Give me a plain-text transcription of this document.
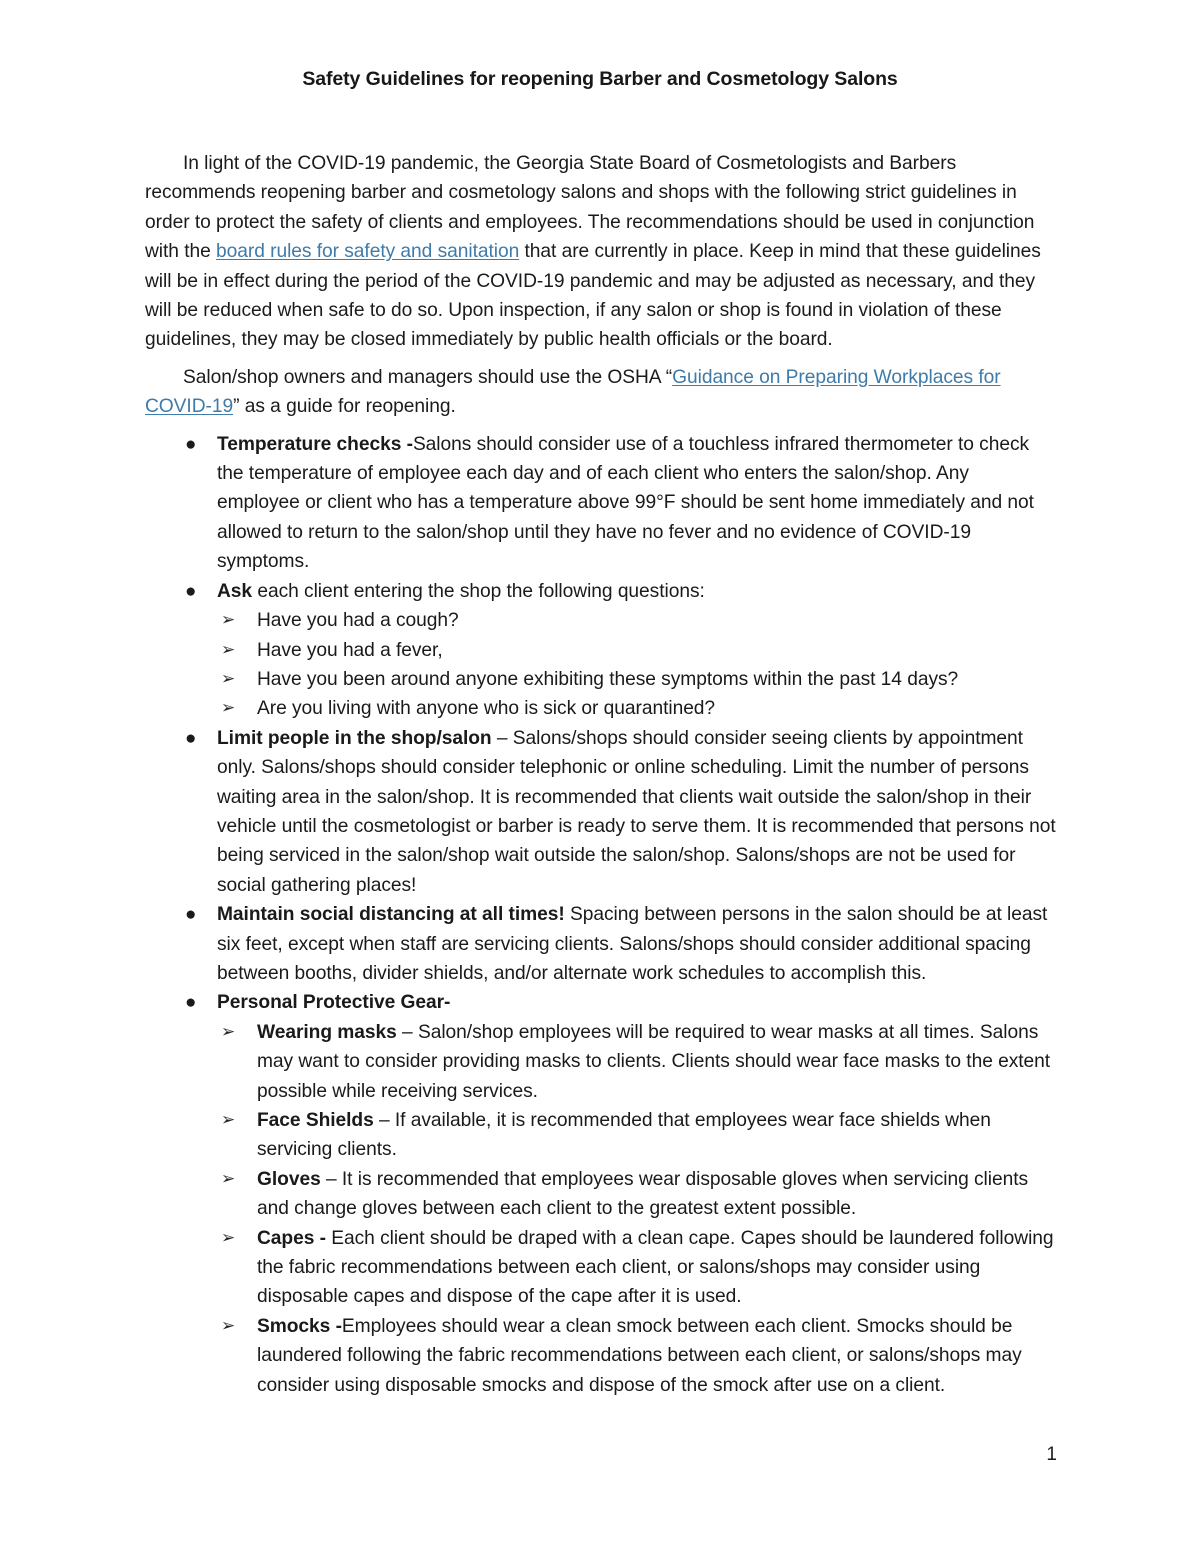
Safety Guidelines for reopening Barber and Cosmetology Salons

In light of the COVID-19 pandemic, the Georgia State Board of Cosmetologists and Barbers recommends reopening barber and cosmetology salons and shops with the following strict guidelines in order to protect the safety of clients and employees. The recommendations should be used in conjunction with the board rules for safety and sanitation that are currently in place. Keep in mind that these guidelines will be in effect during the period of the COVID-19 pandemic and may be adjusted as necessary, and they will be reduced when safe to do so. Upon inspection, if any salon or shop is found in violation of these guidelines, they may be closed immediately by public health officials or the board.

Salon/shop owners and managers should use the OSHA “Guidance on Preparing Workplaces for COVID-19” as a guide for reopening.

● Temperature checks -Salons should consider use of a touchless infrared thermometer to check the temperature of employee each day and of each client who enters the salon/shop. Any employee or client who has a temperature above 99°F should be sent home immediately and not allowed to return to the salon/shop until they have no fever and no evidence of COVID-19 symptoms.
● Ask each client entering the shop the following questions:
➢ Have you had a cough?
➢ Have you had a fever,
➢ Have you been around anyone exhibiting these symptoms within the past 14 days?
➢ Are you living with anyone who is sick or quarantined?
● Limit people in the shop/salon – Salons/shops should consider seeing clients by appointment only. Salons/shops should consider telephonic or online scheduling. Limit the number of persons waiting area in the salon/shop. It is recommended that clients wait outside the salon/shop in their vehicle until the cosmetologist or barber is ready to serve them. It is recommended that persons not being serviced in the salon/shop wait outside the salon/shop. Salons/shops are not be used for social gathering places!
● Maintain social distancing at all times! Spacing between persons in the salon should be at least six feet, except when staff are servicing clients. Salons/shops should consider additional spacing between booths, divider shields, and/or alternate work schedules to accomplish this.
● Personal Protective Gear-
➢ Wearing masks – Salon/shop employees will be required to wear masks at all times. Salons may want to consider providing masks to clients. Clients should wear face masks to the extent possible while receiving services.
➢ Face Shields – If available, it is recommended that employees wear face shields when servicing clients.
➢ Gloves – It is recommended that employees wear disposable gloves when servicing clients and change gloves between each client to the greatest extent possible.
➢ Capes - Each client should be draped with a clean cape. Capes should be laundered following the fabric recommendations between each client, or salons/shops may consider using disposable capes and dispose of the cape after it is used.
➢ Smocks -Employees should wear a clean smock between each client. Smocks should be laundered following the fabric recommendations between each client, or salons/shops may consider using disposable smocks and dispose of the smock after use on a client.
1
